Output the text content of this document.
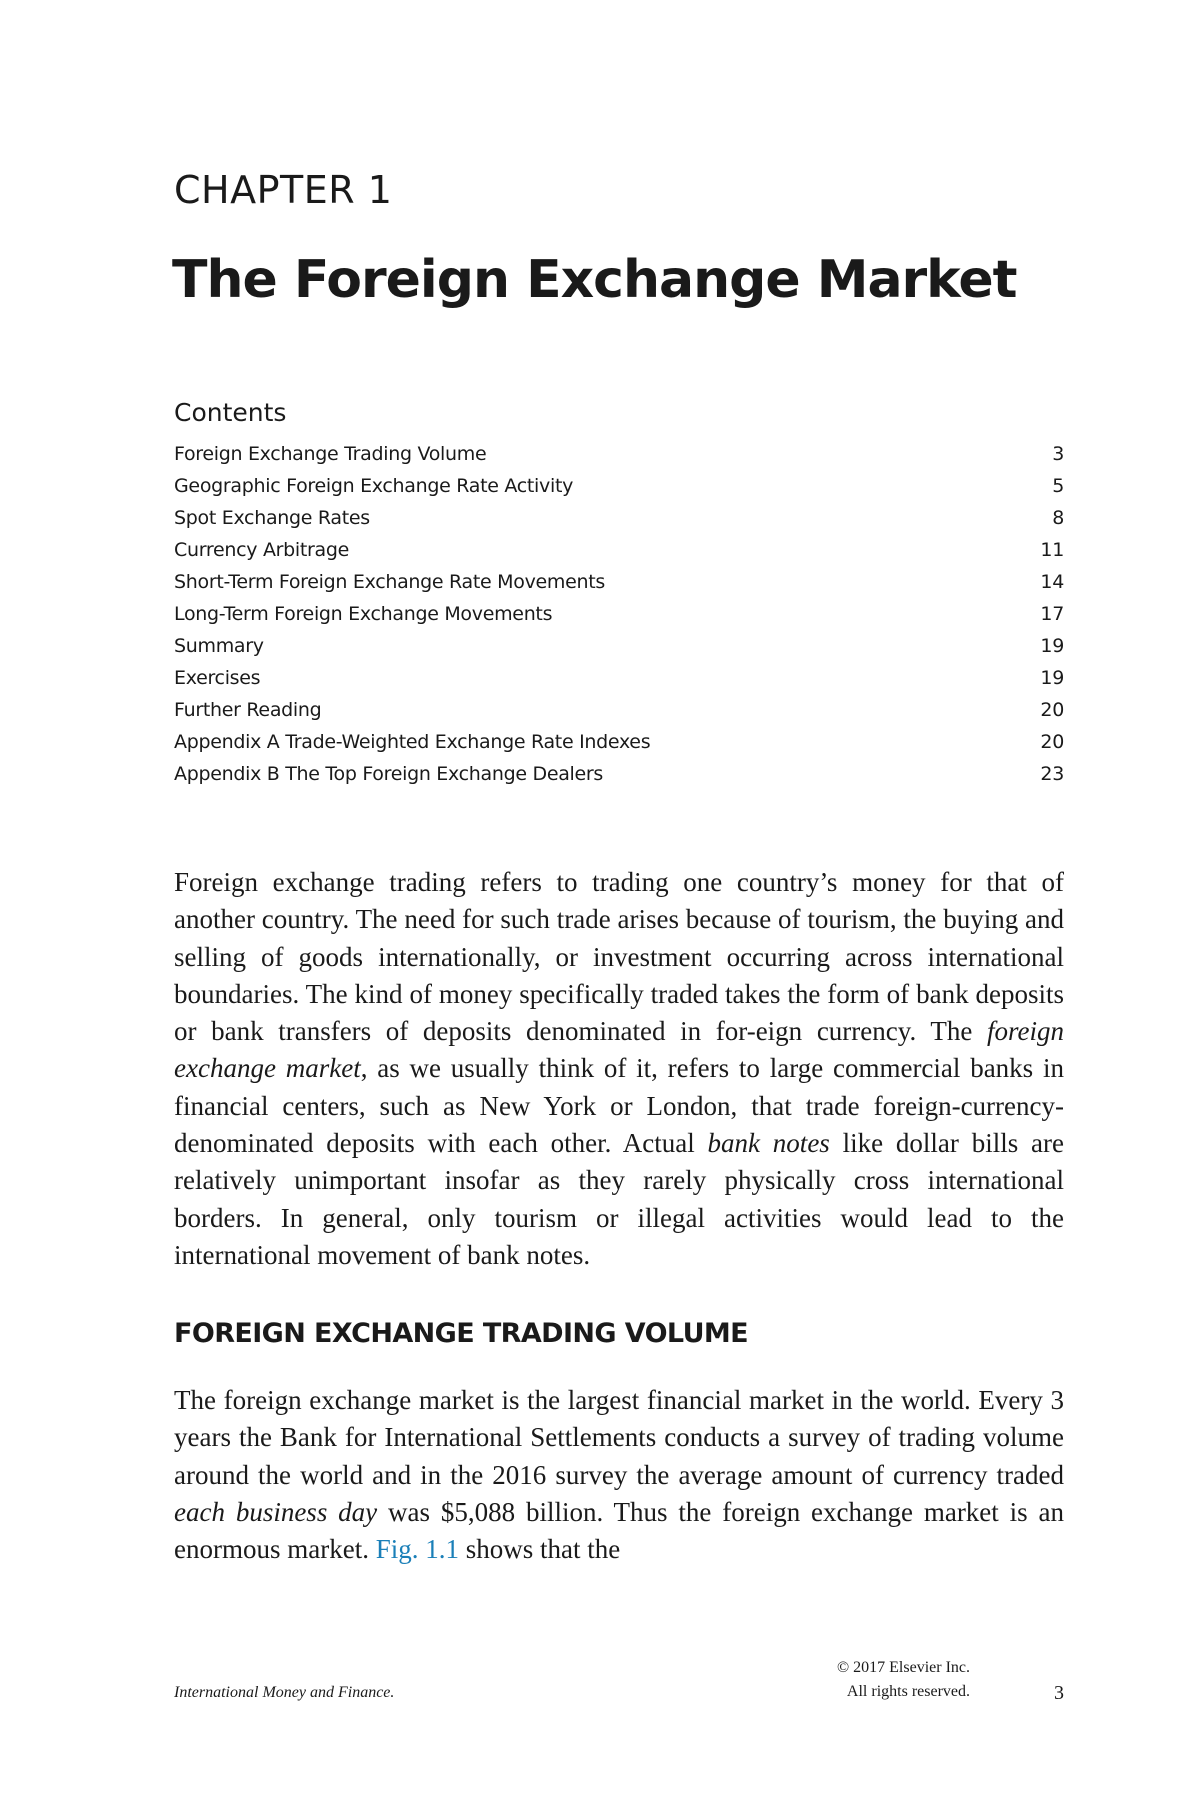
CHAPTER 1
The Foreign Exchange Market
Contents
Foreign Exchange Trading Volume	3
Geographic Foreign Exchange Rate Activity	5
Spot Exchange Rates	8
Currency Arbitrage	11
Short-Term Foreign Exchange Rate Movements	14
Long-Term Foreign Exchange Movements	17
Summary	19
Exercises	19
Further Reading	20
Appendix A Trade-Weighted Exchange Rate Indexes	20
Appendix B The Top Foreign Exchange Dealers	23

Foreign exchange trading refers to trading one country’s money for that of another country. The need for such trade arises because of tourism, the buying and selling of goods internationally, or investment occurring across international boundaries. The kind of money specifically traded takes the form of bank deposits or bank transfers of deposits denominated in for-eign currency. The foreign exchange market, as we usually think of it, refers to large commercial banks in financial centers, such as New York or London, that trade foreign-currency-denominated deposits with each other. Actual bank notes like dollar bills are relatively unimportant insofar as they rarely physically cross international borders. In general, only tourism or illegal activities would lead to the international movement of bank notes.

FOREIGN EXCHANGE TRADING VOLUME

The foreign exchange market is the largest financial market in the world. Every 3 years the Bank for International Settlements conducts a survey of trading volume around the world and in the 2016 survey the average amount of currency traded each business day was $5,088 billion. Thus the foreign exchange market is an enormous market. Fig. 1.1 shows that the

International Money and Finance.
© 2017 Elsevier Inc.
All rights reserved.	3
